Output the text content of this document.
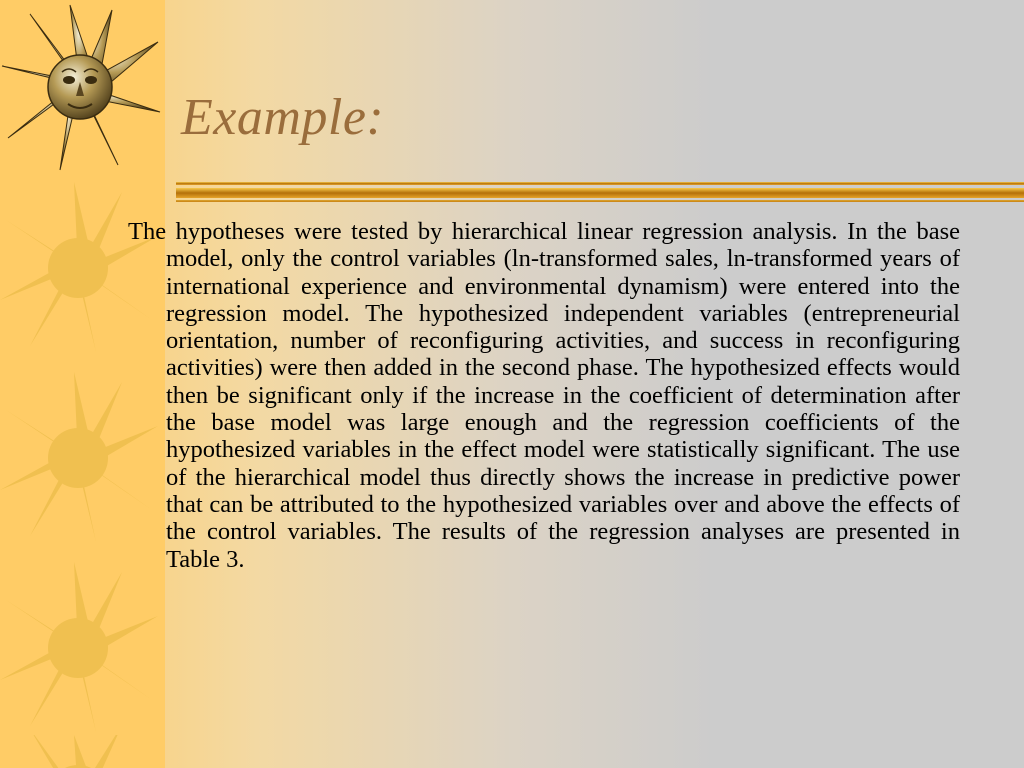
Example:

The hypotheses were tested by hierarchical linear regression analysis. In the base model, only the control variables (ln-transformed sales, ln-transformed years of international experience and environmental dynamism) were entered into the regression model. The hypothesized independent variables (entrepreneurial orientation, number of reconfiguring activities, and success in reconfiguring activities) were then added in the second phase. The hypothesized effects would then be significant only if the increase in the coefficient of determination after the base model was large enough and the regression coefficients of the hypothesized variables in the effect model were statistically significant. The use of the hierarchical model thus directly shows the increase in predictive power that can be attributed to the hypothesized variables over and above the effects of the control variables. The results of the regression analyses are presented in Table 3.
